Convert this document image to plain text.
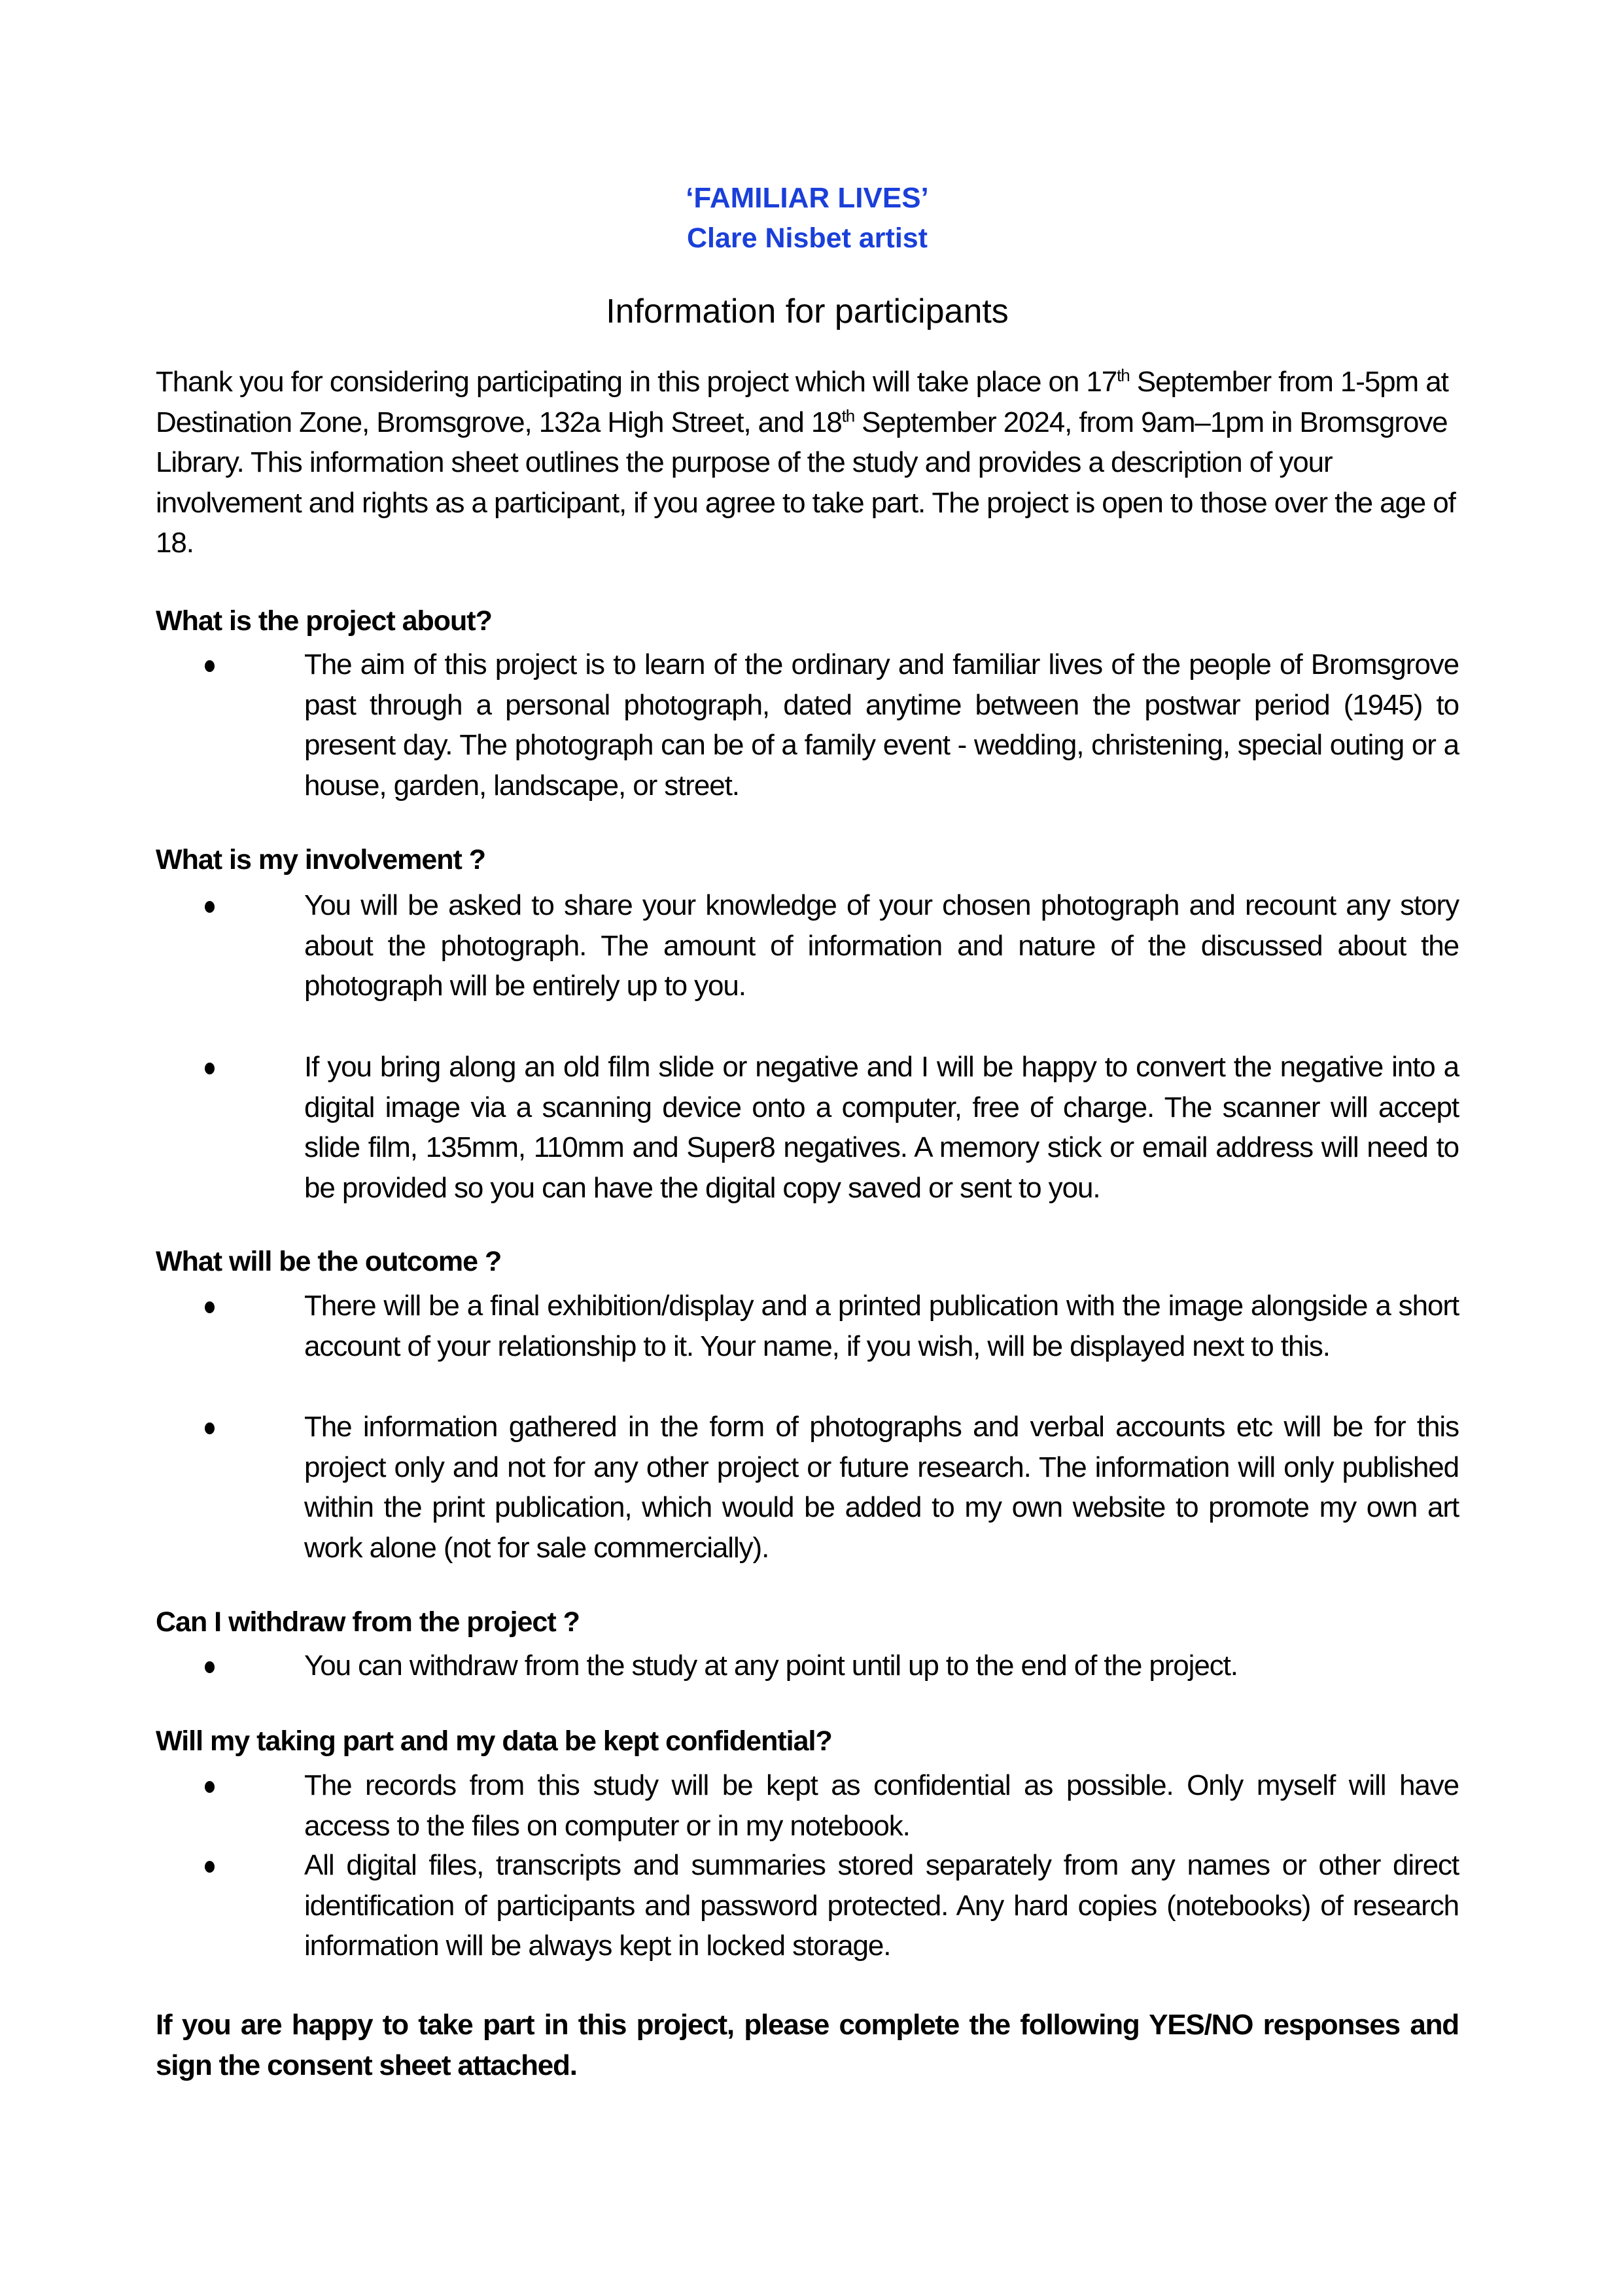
‘FAMILIAR LIVES’
Clare Nisbet artist
Information for participants
Thank you for considering participating in this project which will take place on 17th September from 1-5pm at Destination Zone, Bromsgrove, 132a High Street, and 18th September 2024, from 9am–1pm in Bromsgrove Library. This information sheet outlines the purpose of the study and provides a description of your involvement and rights as a participant, if you agree to take part. The project is open to those over the age of 18.
What is the project about?
The aim of this project is to learn of the ordinary and familiar lives of the people of Bromsgrove past through a personal photograph, dated anytime between the postwar period (1945) to present day. The photograph can be of a family event - wedding, christening, special outing or a house, garden, landscape, or street.
What is my involvement ?
You will be asked to share your knowledge of your chosen photograph and recount any story about the photograph. The amount of information and nature of the discussed about the photograph will be entirely up to you.
If you bring along an old film slide or negative and I will be happy to convert the negative into a digital image via a scanning device onto a computer, free of charge. The scanner will accept slide film, 135mm, 110mm and Super8 negatives. A memory stick or email address will need to be provided so you can have the digital copy saved or sent to you.
What will be the outcome ?
There will be a final exhibition/display and a printed publication with the image alongside a short account of your relationship to it. Your name, if you wish, will be displayed next to this.
The information gathered in the form of photographs and verbal accounts etc will be for this project only and not for any other project or future research. The information will only published within the print publication, which would be added to my own website to promote my own art work alone (not for sale commercially).
Can I withdraw from the project ?
You can withdraw from the study at any point until up to the end of the project.
Will my taking part and my data be kept confidential?
The records from this study will be kept as confidential as possible. Only myself will have access to the files on computer or in my notebook.
All digital files, transcripts and summaries stored separately from any names or other direct identification of participants and password protected. Any hard copies (notebooks) of research information will be always kept in locked storage.
If you are happy to take part in this project, please complete the following YES/NO responses and sign the consent sheet attached.
